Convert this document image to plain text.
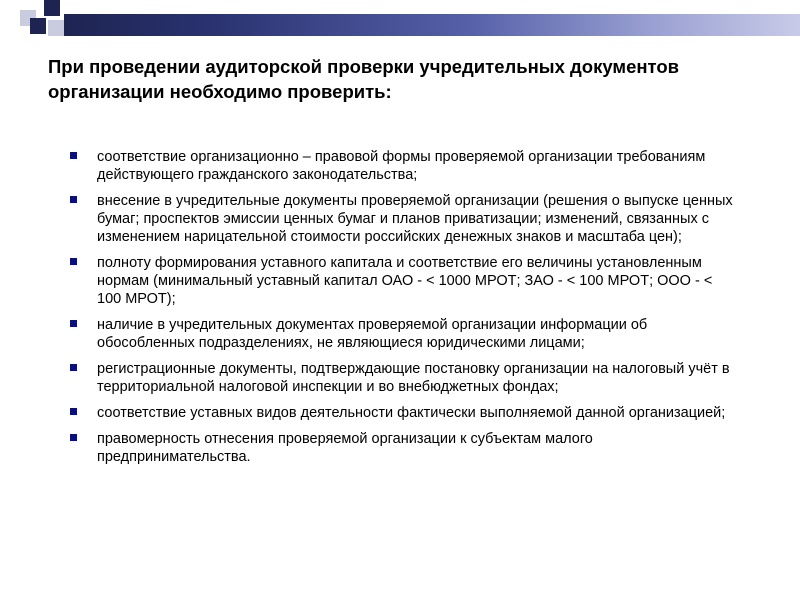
При проведении аудиторской проверки учредительных документов организации необходимо проверить:
соответствие организационно – правовой формы проверяемой организации требованиям действующего гражданского законодательства;
внесение в учредительные документы проверяемой организации (решения о выпуске ценных бумаг; проспектов эмиссии ценных бумаг и планов приватизации; изменений, связанных с изменением нарицательной стоимости российских денежных знаков и масштаба цен);
полноту формирования уставного капитала и соответствие его величины установленным нормам (минимальный уставный капитал ОАО - < 1000 МРОТ; ЗАО - < 100 МРОТ; ООО - < 100 МРОТ);
наличие в учредительных документах проверяемой организации информации об обособленных подразделениях, не являющиеся юридическими лицами;
регистрационные документы, подтверждающие постановку организации на налоговый учёт в территориальной налоговой инспекции и во внебюджетных фондах;
соответствие уставных видов деятельности фактически выполняемой данной организацией;
правомерность отнесения проверяемой организации к субъектам малого предпринимательства.
